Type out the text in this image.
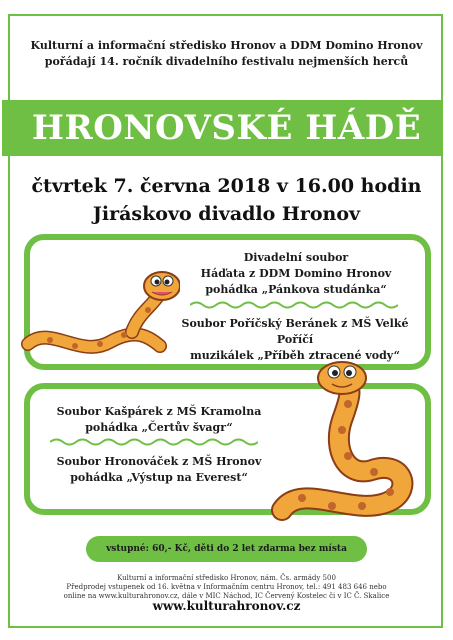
Kulturní a informační středisko Hronov a DDM Domino Hronov
pořádají 14. ročník divadelního festivalu nejmenších herců
HRONOVSKÉ HÁDĚ
čtvrtek 7. června 2018 v 16.00 hodin
Jiráskovo divadlo Hronov
Divadelní soubor
Háďata z DDM Domino Hronov
pohádka „Pánkova studánka“
Soubor Poříčský Beránek z MŠ Velké Poříčí
muzikálek „Příběh ztracené vody“
Soubor Kašpárek z MŠ Kramolna
pohádka „Čertův švagr“
Soubor Hronováček z MŠ Hronov
pohádka „Výstup na Everest“
vstupné: 60,- Kč, děti do 2 let zdarma bez místa
Kulturní a informační středisko Hronov, nám. Čs. armády 500
Předprodej vstupenek od 16. května v Informačním centru Hronov, tel.: 491 483 646 nebo
online na www.kulturahronov.cz, dále v MIC Náchod, IC Červený Kostelec či v IC Č. Skalice
www.kulturahronov.cz
